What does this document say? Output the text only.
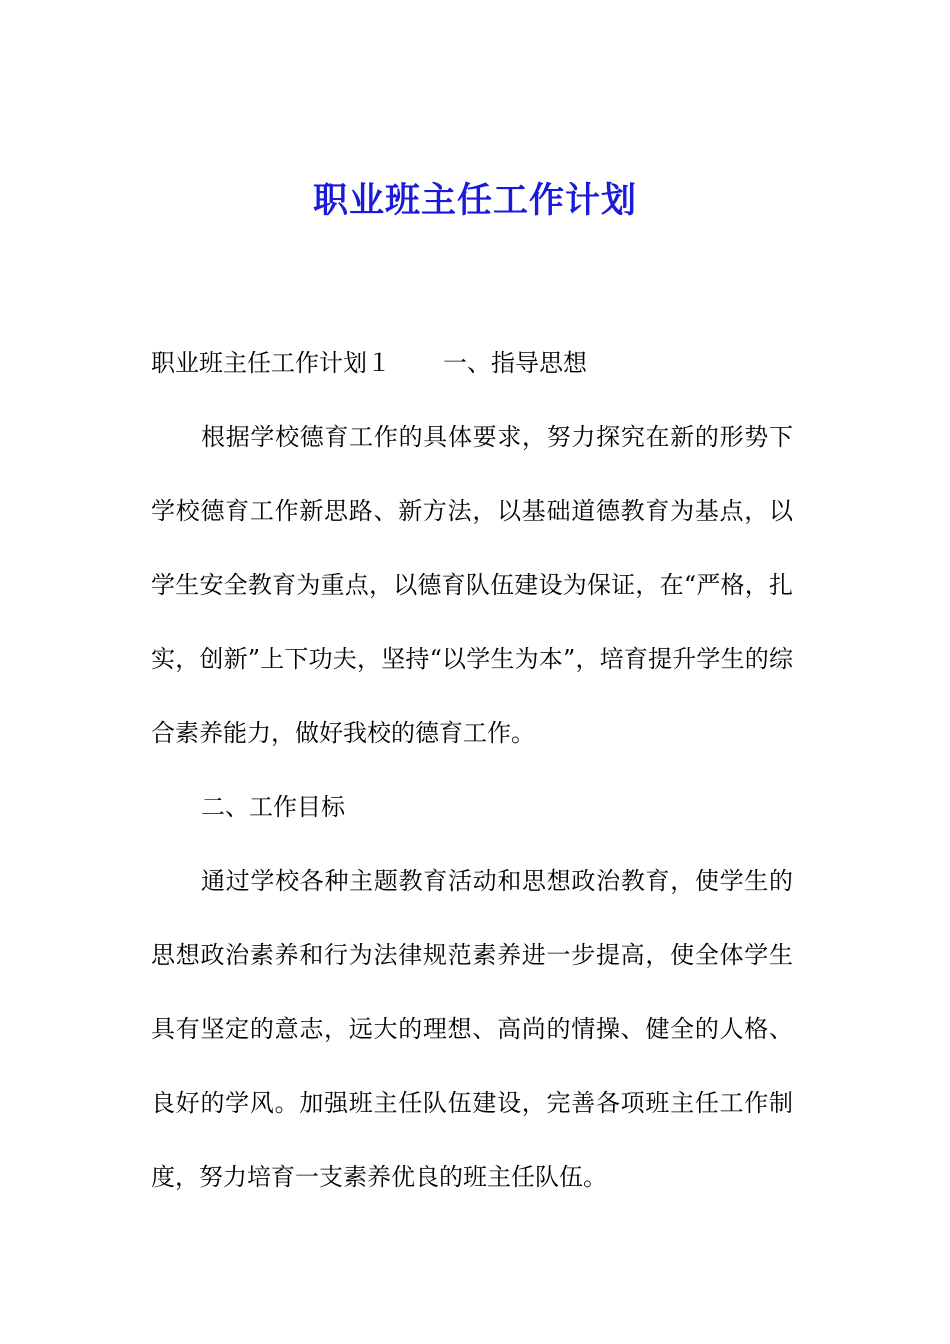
职业班主任工作计划

职业班主任工作计划１ 一、指导思想

根据学校德育工作的具体要求，努力探究在新的形势下学校德育工作新思路、新方法，以基础道德教育为基点，以学生安全教育为重点，以德育队伍建设为保证，在“严格，扎实，创新”上下功夫，坚持“以学生为本”，培育提升学生的综合素养能力，做好我校的德育工作。

二、工作目标

通过学校各种主题教育活动和思想政治教育，使学生的思想政治素养和行为法律规范素养进一步提高，使全体学生具有坚定的意志，远大的理想、高尚的情操、健全的人格、良好的学风。加强班主任队伍建设，完善各项班主任工作制度，努力培育一支素养优良的班主任队伍。
